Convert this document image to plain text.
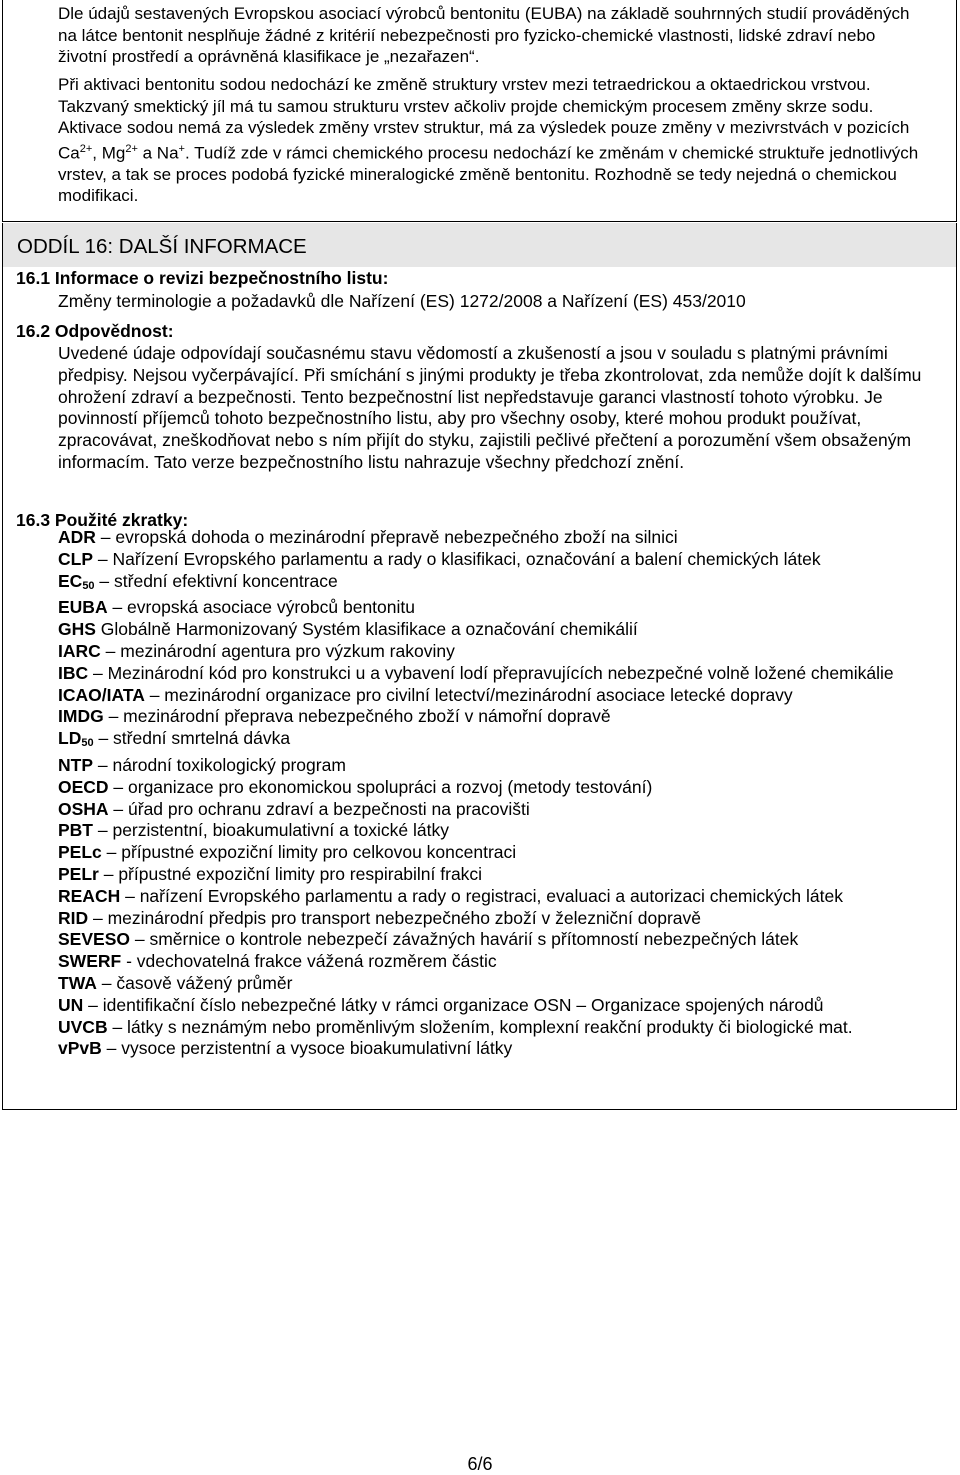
Dle údajů sestavených Evropskou asociací výrobců bentonitu (EUBA) na základě souhrnných studií prováděných na látce bentonit nesplňuje žádné z kritérií nebezpečnosti pro fyzicko-chemické vlastnosti, lidské zdraví nebo životní prostředí a oprávněná klasifikace je „nezařazen“.

Při aktivaci bentonitu sodou nedochází ke změně struktury vrstev mezi tetraedrickou a oktaedrickou vrstvou. Takzvaný smektický jíl má tu samou strukturu vrstev ačkoliv projde chemickým procesem změny skrze sodu. Aktivace sodou nemá za výsledek změny vrstev struktur, má za výsledek pouze změny v mezivrstvách v pozicích $Ca^{2+}$, $Mg^{2+}$ a Na+. Tudíž zde v rámci chemického procesu nedochází ke změnám v chemické struktuře jednotlivých vrstev, a tak se proces podobá fyzické mineralogické změně bentonitu. Rozhodně se tedy nejedná o chemickou modifikaci.

ODDÍL 16: DALŠÍ INFORMACE
16.1 Informace o revizi bezpečnostního listu:

Změny terminologie a požadavků dle Nařízení (ES) 1272/2008 a Nařízení (ES) 453/2010

16.2 Odpovědnost:

Uvedené údaje odpovídají současnému stavu vědomostí a zkušeností a jsou v souladu s platnými právními předpisy. Nejsou vyčerpávající. Při smíchání s jinými produkty je třeba zkontrolovat, zda nemůže dojít k dalšímu ohrožení zdraví a bezpečnosti. Tento bezpečnostní list nepředstavuje garanci vlastností tohoto výrobku. Je povinností příjemců tohoto bezpečnostního listu, aby pro všechny osoby, které mohou produkt používat, zpracovávat, zneškodňovat nebo s ním přijít do styku, zajistili pečlivé přečtení a porozumění všem obsaženým informacím. Tato verze bezpečnostního listu nahrazuje všechny předchozí znění.

16.3 Použité zkratky:
ADR – evropská dohoda o mezinárodní přepravě nebezpečného zboží na silnici
CLP – Nařízení Evropského parlamentu a rady o klasifikaci, označování a balení chemických látek
$EC_{50}$ – střední efektivní koncentrace
EUBA – evropská asociace výrobců bentonitu
GHS Globálně Harmonizovaný Systém klasifikace a označování chemikálií
IARC – mezinárodní agentura pro výzkum rakoviny
IBC – Mezinárodní kód pro konstrukci u a vybavení lodí přepravujících nebezpečné volně ložené chemikálie
ICAO/IATA – mezinárodní organizace pro civilní letectví/mezinárodní asociace letecké dopravy
IMDG – mezinárodní přeprava nebezpečného zboží v námořní dopravě
$LD_{50}$ – střední smrtelná dávka
NTP – národní toxikologický program
OECD – organizace pro ekonomickou spolupráci a rozvoj (metody testování)
OSHA – úřad pro ochranu zdraví a bezpečnosti na pracovišti
PBT – perzistentní, bioakumulativní a toxické látky
PELc – přípustné expoziční limity pro celkovou koncentraci
PELr – přípustné expoziční limity pro respirabilní frakci
REACH – nařízení Evropského parlamentu a rady o registraci, evaluaci a autorizaci chemických látek
RID – mezinárodní předpis pro transport nebezpečného zboží v železniční dopravě
SEVESO – směrnice o kontrole nebezpečí závažných havárií s přítomností nebezpečných látek
SWERF - vdechovatelná frakce vážená rozměrem částic
TWA – časově vážený průměr
UN – identifikační číslo nebezpečné látky v rámci organizace OSN – Organizace spojených národů
UVCB – látky s neznámým nebo proměnlivým složením, komplexní reakční produkty či biologické mat.
vPvB – vysoce perzistentní a vysoce bioakumulativní látky

6/6
